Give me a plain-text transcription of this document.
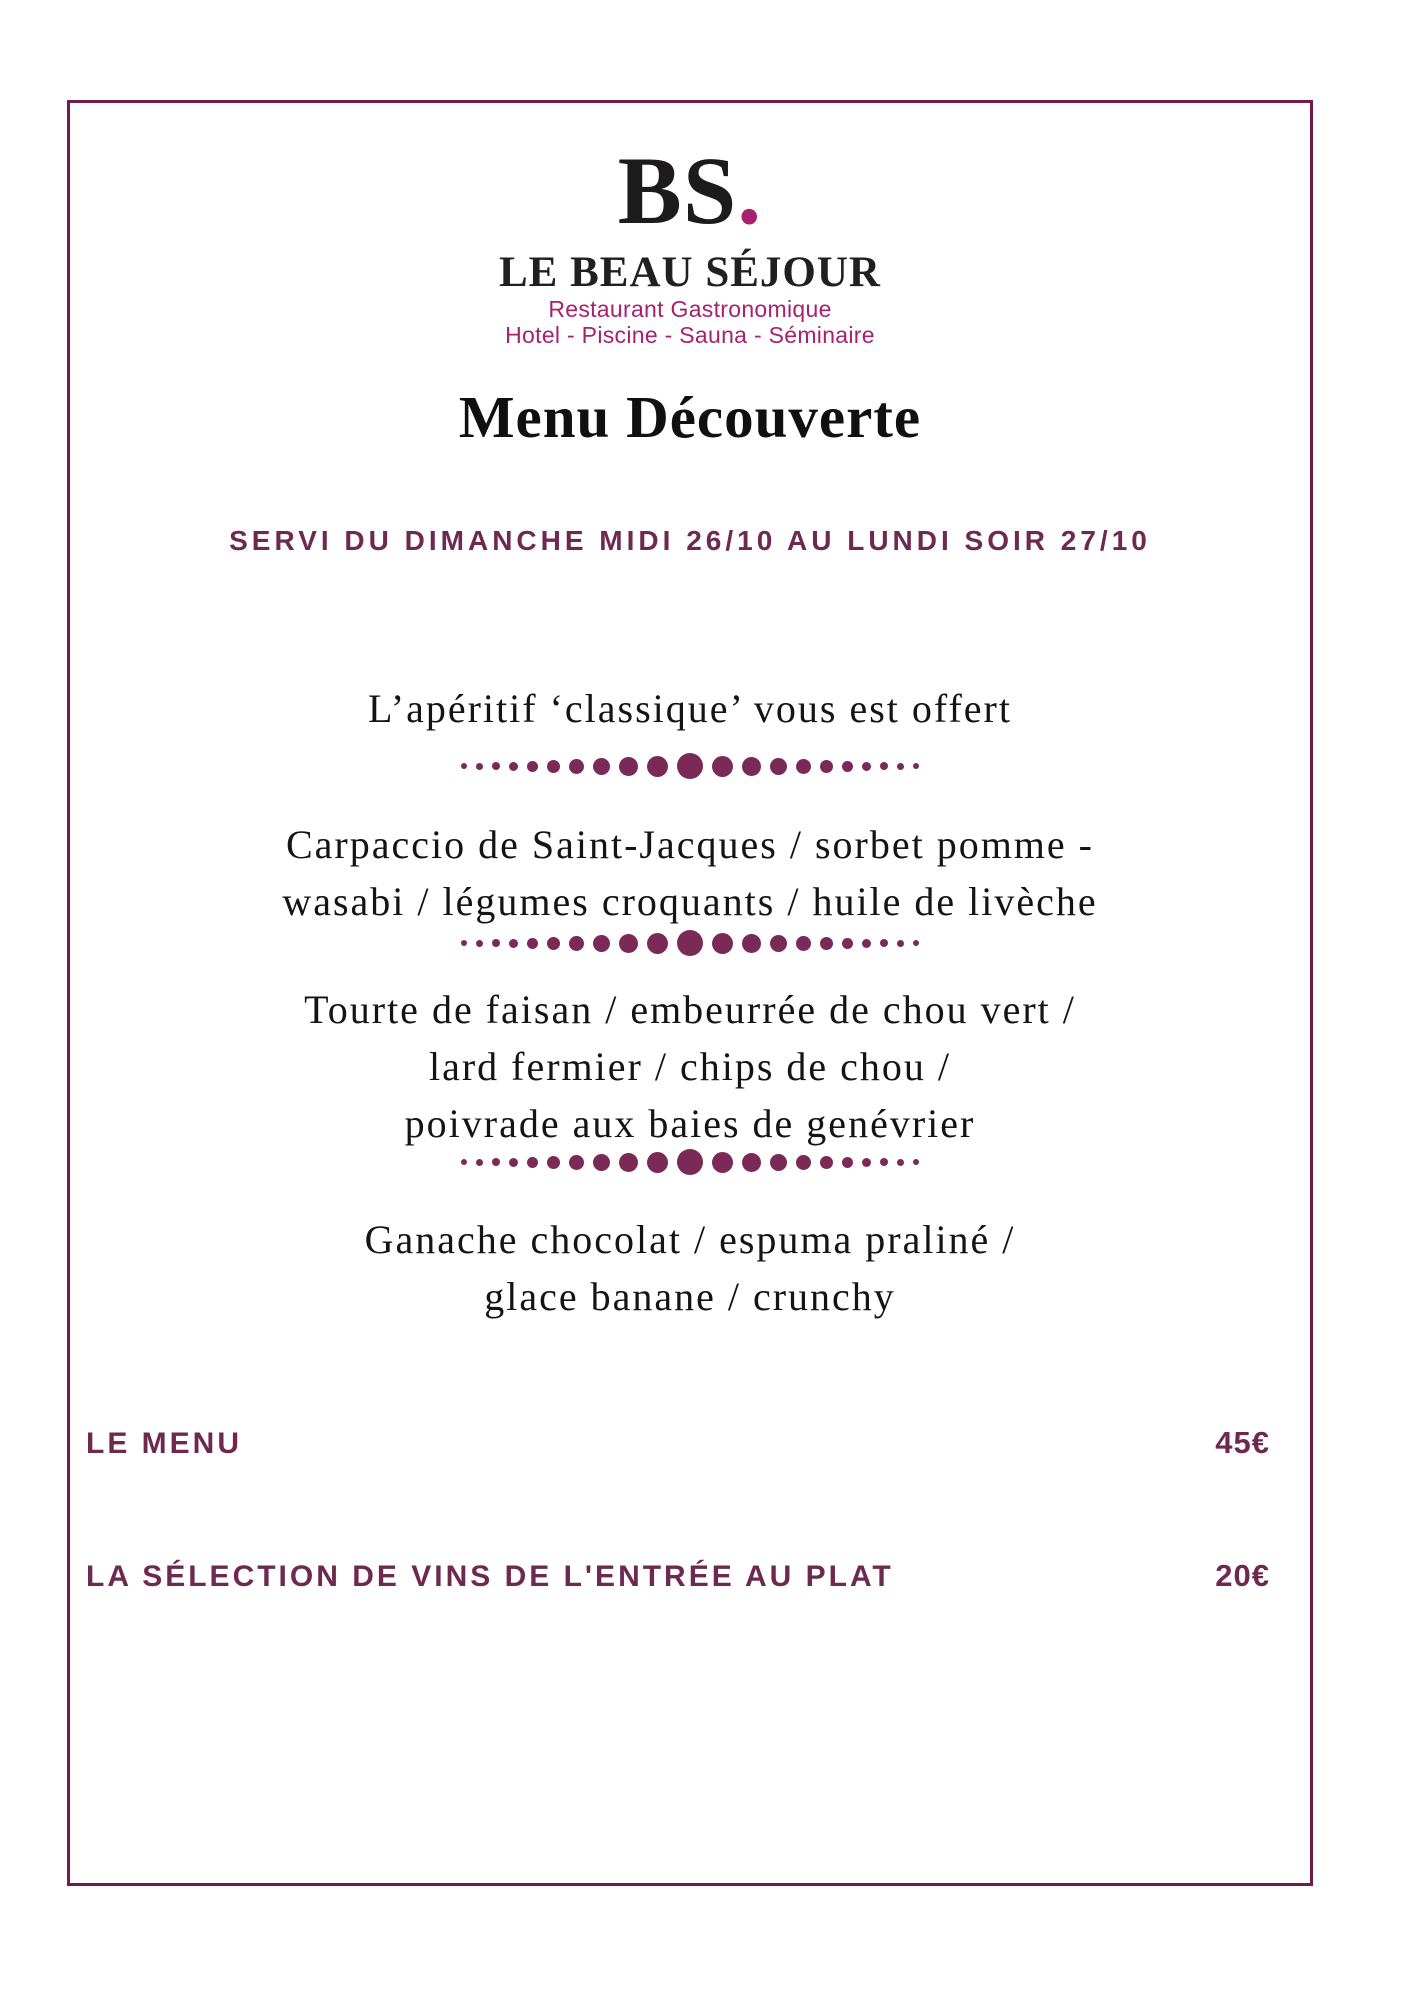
BS.
LE BEAU SÉJOUR
Restaurant Gastronomique
Hotel - Piscine - Sauna - Séminaire
Menu Découverte
SERVI DU DIMANCHE MIDI 26/10 AU LUNDI SOIR 27/10
L’apéritif ‘classique’ vous est offert
Carpaccio de Saint-Jacques / sorbet pomme -
wasabi / légumes croquants / huile de livèche
Tourte de faisan / embeurrée de chou vert /
lard fermier / chips de chou /
poivrade aux baies de genévrier
Ganache chocolat / espuma praliné /
glace banane / crunchy
LE MENU	45€
LA SÉLECTION DE VINS DE L'ENTRÉE AU PLAT	20€
